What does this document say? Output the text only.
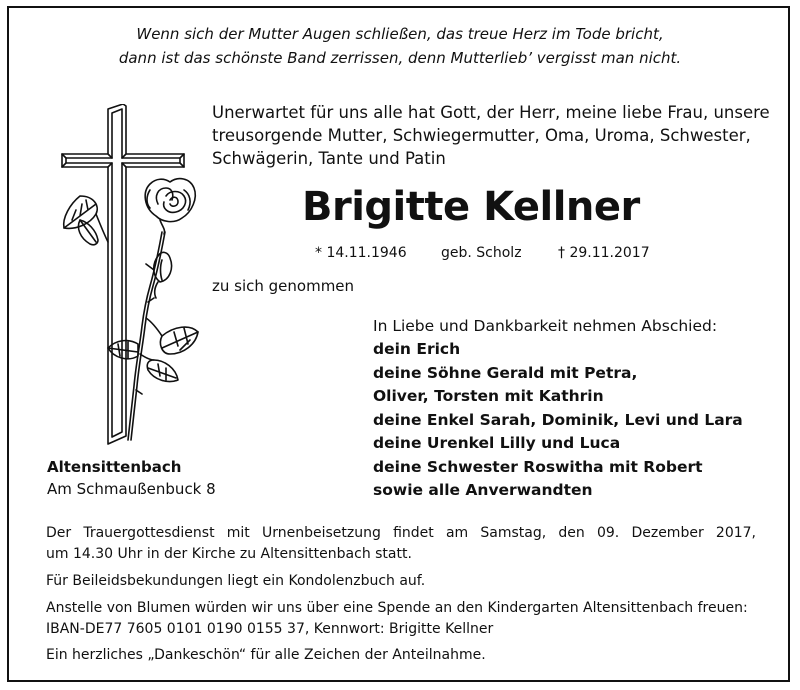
Wenn sich der Mutter Augen schließen, das treue Herz im Tode bricht,
dann ist das schönste Band zerrissen, denn Mutterlieb’ vergisst man nicht.
Unerwartet für uns alle hat Gott, der Herr, meine liebe Frau, unsere
treusorgende Mutter, Schwiegermutter, Oma, Uroma, Schwester,
Schwägerin, Tante und Patin
Brigitte Kellner
* 14.11.1946 geb. Scholz	† 29.11.2017
zu sich genommen
In Liebe und Dankbarkeit nehmen Abschied:
dein Erich
deine Söhne Gerald mit Petra,
Oliver, Torsten mit Kathrin
deine Enkel Sarah, Dominik, Levi und Lara
deine Urenkel Lilly und Luca
deine Schwester Roswitha mit Robert
sowie alle Anverwandten
Altensittenbach
Am Schmaußenbuck 8
Der Trauergottesdienst mit Urnenbeisetzung findet am Samstag, den 09. Dezember 2017,
um 14.30 Uhr in der Kirche zu Altensittenbach statt.
Für Beileidsbekundungen liegt ein Kondolenzbuch auf.
Anstelle von Blumen würden wir uns über eine Spende an den Kindergarten Altensittenbach freuen:
IBAN-DE77 7605 0101 0190 0155 37, Kennwort: Brigitte Kellner
Ein herzliches „Dankeschön“ für alle Zeichen der Anteilnahme.
